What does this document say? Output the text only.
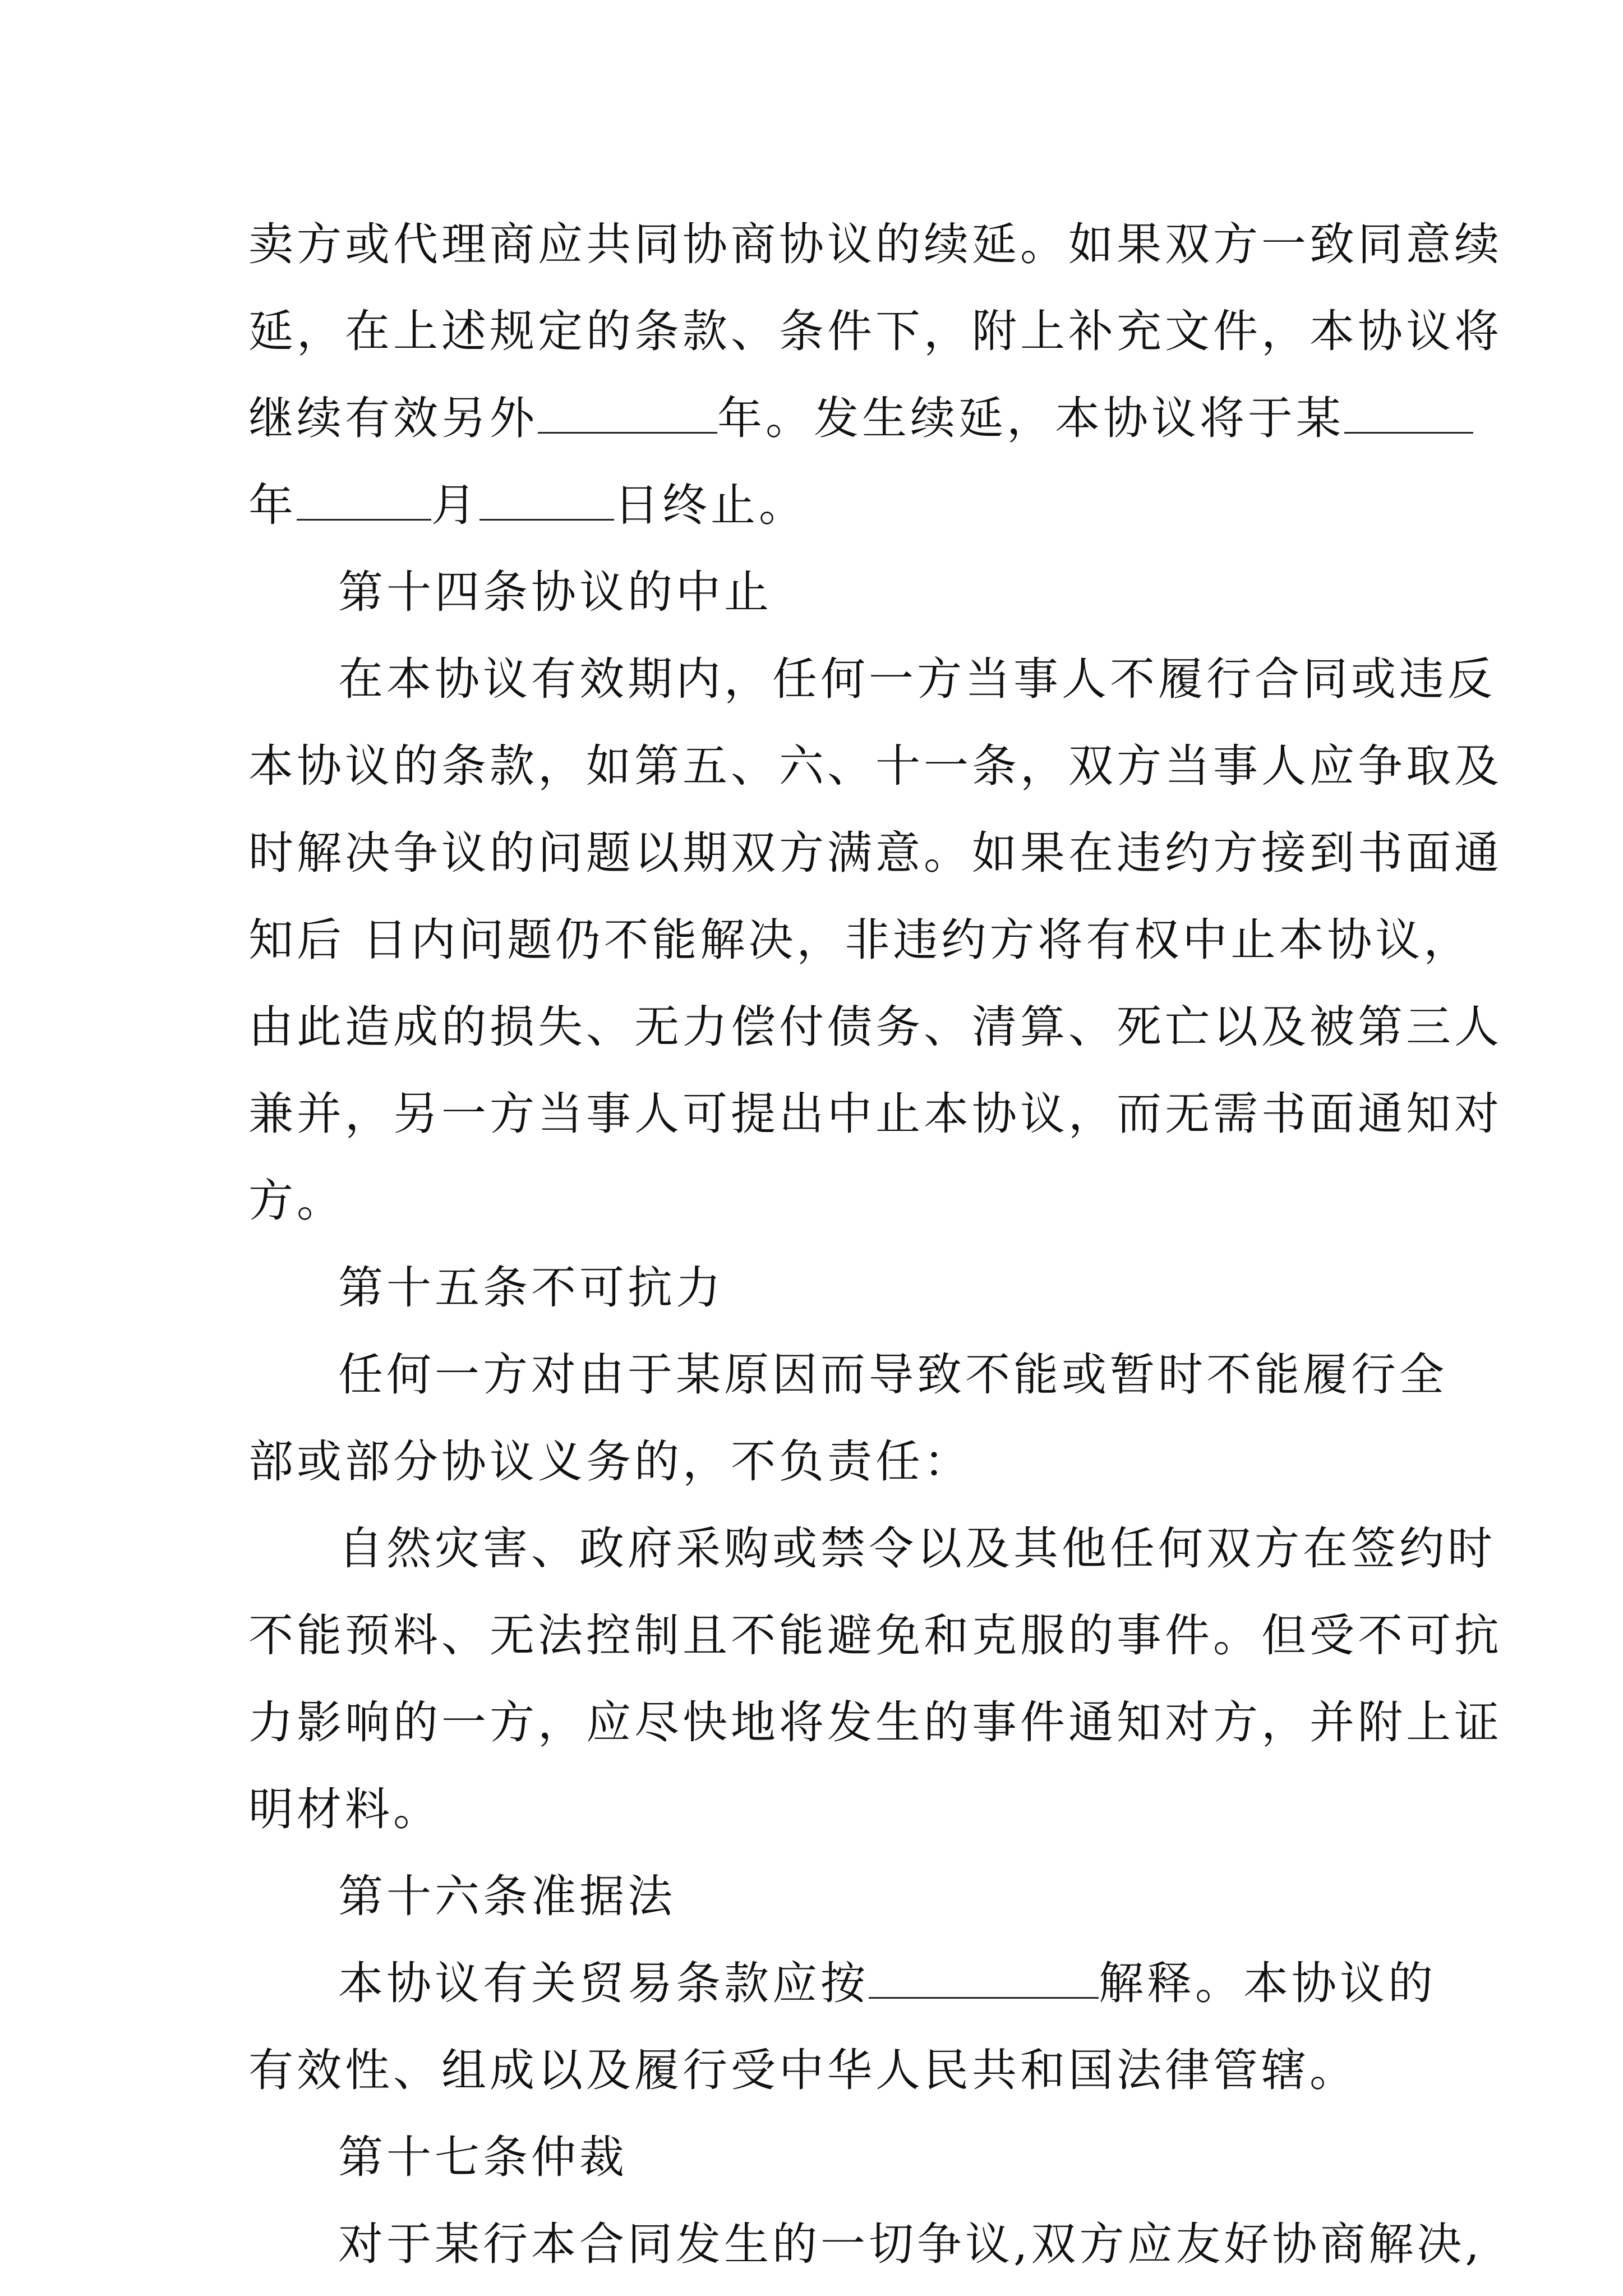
卖方或代理商应共同协商协议的续延。如果双方一致同意续
延，在上述规定的条款、条件下，附上补充文件，本协议将
继续有效另外	年。发生续延，本协议将于某
年	月	日终止。
第十四条协议的中止
在本协议有效期内，任何一方当事人不履行合同或违反
本协议的条款，如第五、六、十一条，双方当事人应争取及
时解决争议的问题以期双方满意。如果在违约方接到书面通
知后 日内问题仍不能解决，非违约方将有权中止本协议，
由此造成的损失、无力偿付债务、清算、死亡以及被第三人
兼并，另一方当事人可提出中止本协议，而无需书面通知对
方。
第十五条不可抗力
任何一方对由于某原因而导致不能或暂时不能履行全
部或部分协议义务的，不负责任：
自然灾害、政府采购或禁令以及其他任何双方在签约时
不能预料、无法控制且不能避免和克服的事件。但受不可抗
力影响的一方，应尽快地将发生的事件通知对方，并附上证
明材料。
第十六条准据法
本协议有关贸易条款应按	解释。本协议的
有效性、组成以及履行受中华人民共和国法律管辖。
第十七条仲裁
对于某行本合同发生的一切争议,双方应友好协商解决,
